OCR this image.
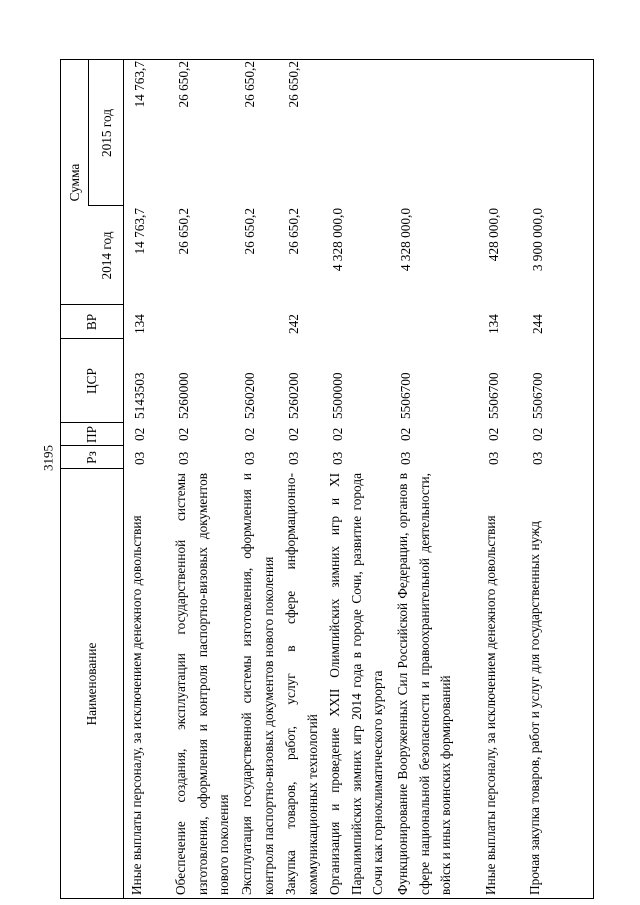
3195
Наименование
Рз
ПР
ЦСР
ВР
Сумма
2014 год
2015 год
Иные выплаты персоналу, за исключением денежного довольствия
03
02
5143503
134
14 763,7
14 763,7
Обеспечение создания, эксплуатации государственной системы изготовления, оформления и контроля паспортно-визовых документов нового поколения
03
02
5260000
26 650,2
26 650,2
Эксплуатация государственной системы изготовления, оформления и контроля паспортно-визовых документов нового поколения
03
02
5260200
26 650,2
26 650,2
Закупка товаров, работ, услуг в сфере информационно-коммуникационных технологий
03
02
5260200
242
26 650,2
26 650,2
Организация и проведение XXII Олимпийских зимних игр и XI Паралимпийских зимних игр 2014 года в городе Сочи, развитие города Сочи как горноклиматического курорта
03
02
5500000
4 328 000,0
Функционирование Вооруженных Сил Российской Федерации, органов в сфере национальной безопасности и правоохранительной деятельности, войск и иных воинских формирований
03
02
5506700
4 328 000,0
Иные выплаты персоналу, за исключением денежного довольствия
03
02
5506700
134
428 000,0
Прочая закупка товаров, работ и услуг для государственных нужд
03
02
5506700
244
3 900 000,0
